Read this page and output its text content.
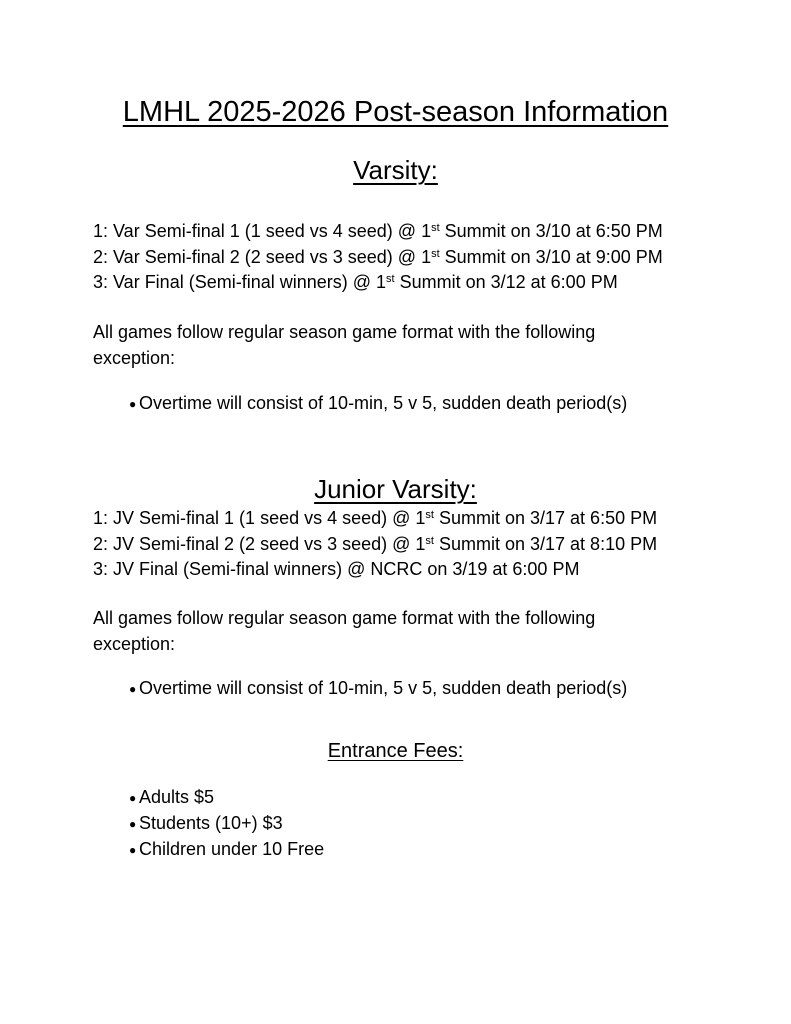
LMHL 2025-2026 Post-season Information
Varsity:
1: Var Semi-final 1 (1 seed vs 4 seed) @ 1st Summit on 3/10 at 6:50 PM
2: Var Semi-final 2 (2 seed vs 3 seed) @ 1st Summit on 3/10 at 9:00 PM
3: Var Final (Semi-final winners) @ 1st Summit on 3/12 at 6:00 PM

All games follow regular season game format with the following exception:

● Overtime will consist of 10-min, 5 v 5, sudden death period(s)
Junior Varsity:
1: JV Semi-final 1 (1 seed vs 4 seed) @ 1st Summit on 3/17 at 6:50 PM
2: JV Semi-final 2 (2 seed vs 3 seed) @ 1st Summit on 3/17 at 8:10 PM
3: JV Final (Semi-final winners) @ NCRC on 3/19 at 6:00 PM

All games follow regular season game format with the following exception:

● Overtime will consist of 10-min, 5 v 5, sudden death period(s)
Entrance Fees:
● Adults $5
● Students (10+) $3
● Children under 10 Free
